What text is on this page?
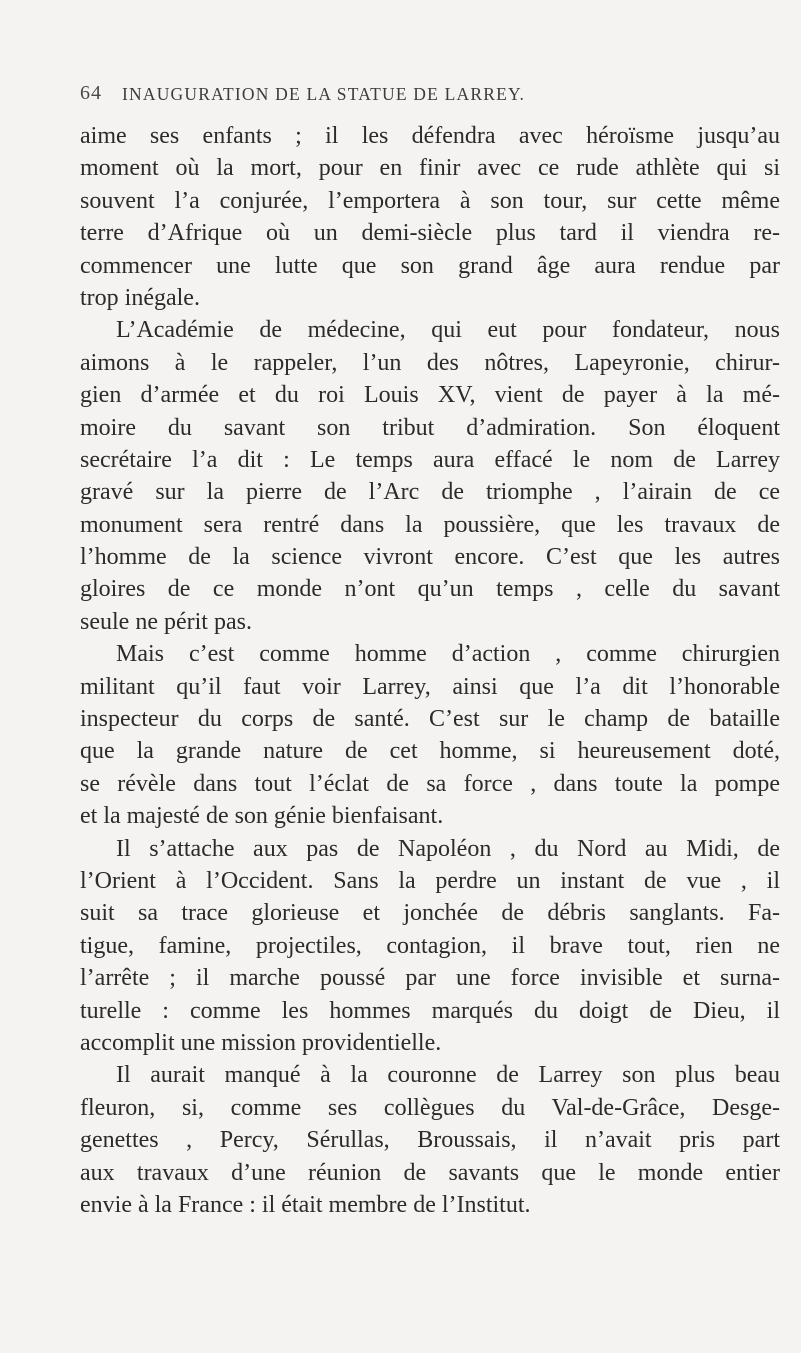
64 INAUGURATION DE LA STATUE DE LARREY.
aime ses enfants ; il les défendra avec héroïsme jusqu’au
moment où la mort, pour en finir avec ce rude athlète qui si
souvent l’a conjurée, l’emportera à son tour, sur cette même
terre d’Afrique où un demi-siècle plus tard il viendra re-
commencer une lutte que son grand âge aura rendue par
trop inégale.
L’Académie de médecine, qui eut pour fondateur, nous
aimons à le rappeler, l’un des nôtres, Lapeyronie, chirur-
gien d’armée et du roi Louis XV, vient de payer à la mé-
moire du savant son tribut d’admiration. Son éloquent
secrétaire l’a dit : Le temps aura effacé le nom de Larrey
gravé sur la pierre de l’Arc de triomphe , l’airain de ce
monument sera rentré dans la poussière, que les travaux de
l’homme de la science vivront encore. C’est que les autres
gloires de ce monde n’ont qu’un temps , celle du savant
seule ne périt pas.
Mais c’est comme homme d’action , comme chirurgien
militant qu’il faut voir Larrey, ainsi que l’a dit l’honorable
inspecteur du corps de santé. C’est sur le champ de bataille
que la grande nature de cet homme, si heureusement doté,
se révèle dans tout l’éclat de sa force , dans toute la pompe
et la majesté de son génie bienfaisant.
Il s’attache aux pas de Napoléon , du Nord au Midi, de
l’Orient à l’Occident. Sans la perdre un instant de vue , il
suit sa trace glorieuse et jonchée de débris sanglants. Fa-
tigue, famine, projectiles, contagion, il brave tout, rien ne
l’arrête ; il marche poussé par une force invisible et surna-
turelle : comme les hommes marqués du doigt de Dieu, il
accomplit une mission providentielle.
Il aurait manqué à la couronne de Larrey son plus beau
fleuron, si, comme ses collègues du Val-de-Grâce, Desge-
genettes , Percy, Sérullas, Broussais, il n’avait pris part
aux travaux d’une réunion de savants que le monde entier
envie à la France : il était membre de l’Institut.
